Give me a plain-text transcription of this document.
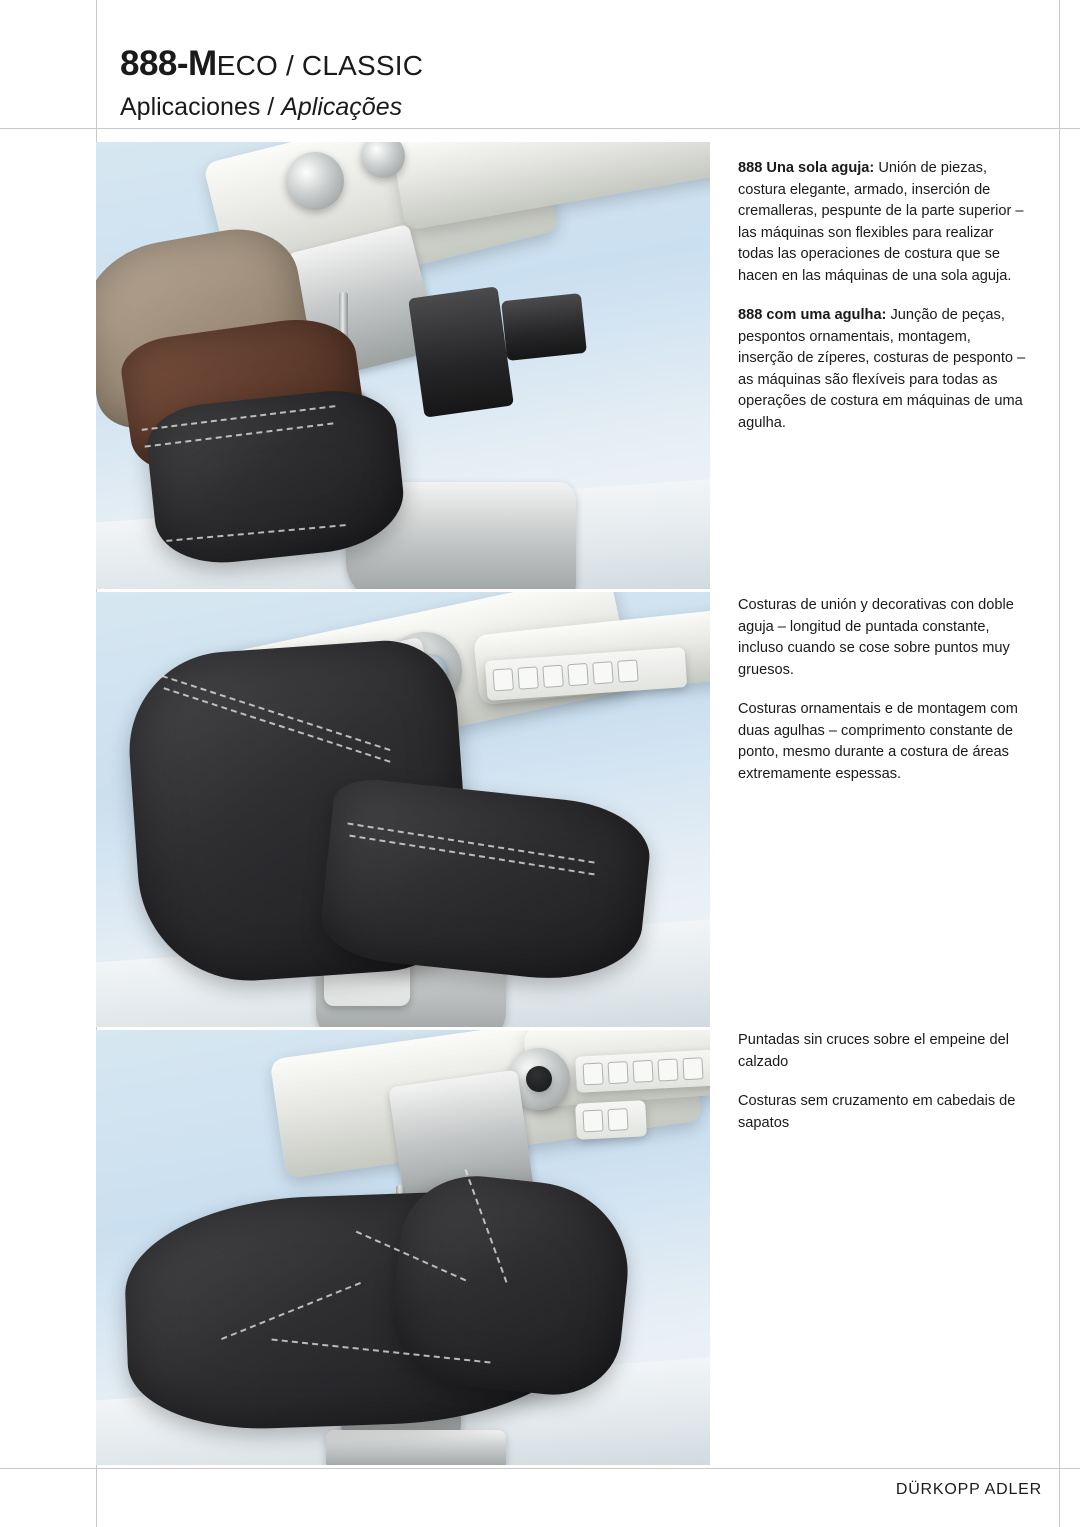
888-MECO / CLASSIC
Aplicaciones / Aplicações

888 Una sola aguja: Unión de piezas, costura elegante, armado, inserción de cremalleras, pespunte de la parte superior – las máquinas son flexibles para realizar todas las operaciones de costura que se hacen en las máquinas de una sola aguja.

888 com uma agulha: Junção de peças, pespontos ornamentais, montagem, inserção de zíperes, costuras de pesponto – as máquinas são flexíveis para todas as operações de costura em máquinas de uma agulha.

Costuras de unión y decorativas con doble aguja – longitud de puntada constante, incluso cuando se cose sobre puntos muy gruesos.

Costuras ornamentais e de montagem com duas agulhas – comprimento constante de ponto, mesmo durante a costura de áreas extremamente espessas.

Puntadas sin cruces sobre el empeine del calzado

Costuras sem cruzamento em cabedais de sapatos

DÜRKOPP ADLER
